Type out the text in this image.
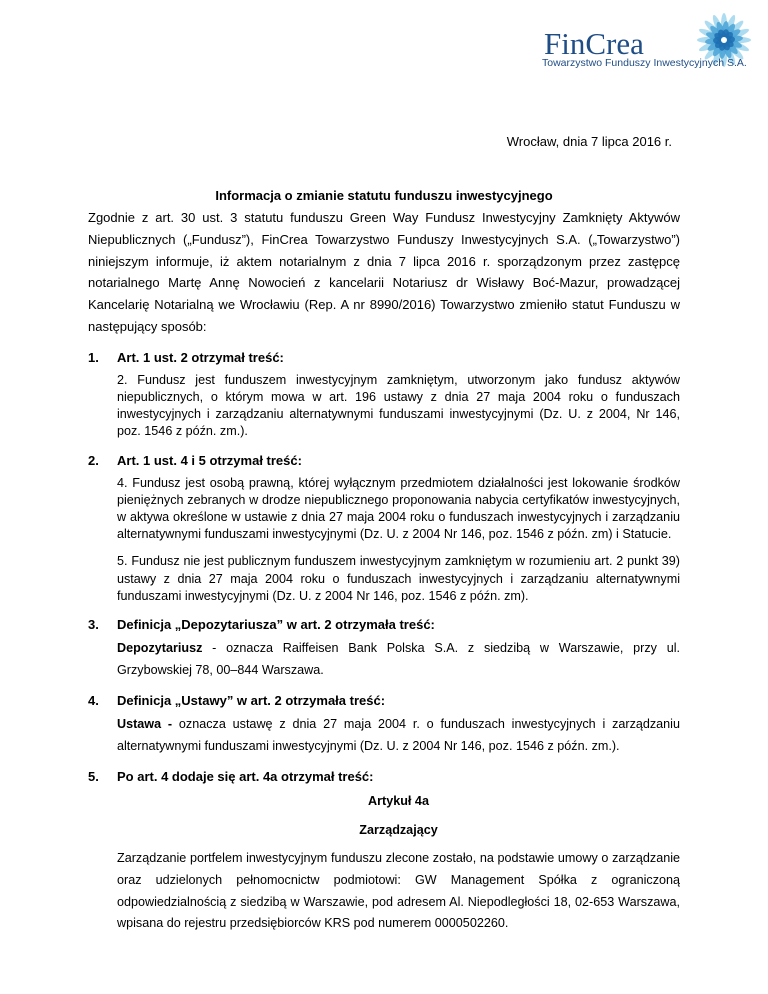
FinCrea
Towarzystwo Funduszy Inwestycyjnych S.A.
Wrocław, dnia 7 lipca 2016 r.
Informacja o zmianie statutu funduszu inwestycyjnego

Zgodnie z art. 30 ust. 3 statutu funduszu Green Way Fundusz Inwestycyjny Zamknięty Aktywów Niepublicznych („Fundusz”), FinCrea Towarzystwo Funduszy Inwestycyjnych S.A. („Towarzystwo”) niniejszym informuje, iż aktem notarialnym z dnia 7 lipca 2016 r. sporządzonym przez zastępcę notarialnego Martę Annę Nowocień z kancelarii Notariusz dr Wisławy Boć-Mazur, prowadzącej Kancelarię Notarialną we Wrocławiu (Rep. A nr 8990/2016) Towarzystwo zmieniło statut Funduszu w następujący sposób:

1.	Art. 1 ust. 2 otrzymał treść:

2. Fundusz jest funduszem inwestycyjnym zamkniętym, utworzonym jako fundusz aktywów niepublicznych, o którym mowa w art. 196 ustawy z dnia 27 maja 2004 roku o funduszach inwestycyjnych i zarządzaniu alternatywnymi funduszami inwestycyjnymi (Dz. U. z 2004, Nr 146, poz. 1546 z późn. zm.).

2.	Art. 1 ust. 4 i 5 otrzymał treść:

4. Fundusz jest osobą prawną, której wyłącznym przedmiotem działalności jest lokowanie środków pieniężnych zebranych w drodze niepublicznego proponowania nabycia certyfikatów inwestycyjnych, w aktywa określone w ustawie z dnia 27 maja 2004 roku o funduszach inwestycyjnych i zarządzaniu alternatywnymi funduszami inwestycyjnymi (Dz. U. z 2004 Nr 146, poz. 1546 z późn. zm) i Statucie.

5. Fundusz nie jest publicznym funduszem inwestycyjnym zamkniętym w rozumieniu art. 2 punkt 39) ustawy z dnia 27 maja 2004 roku o funduszach inwestycyjnych i zarządzaniu alternatywnymi funduszami inwestycyjnymi (Dz. U. z 2004 Nr 146, poz. 1546 z późn. zm).

3.	Definicja „Depozytariusza” w art. 2 otrzymała treść:

Depozytariusz - oznacza Raiffeisen Bank Polska S.A. z siedzibą w Warszawie, przy ul. Grzybowskiej 78, 00–844 Warszawa.

4.	Definicja „Ustawy” w art. 2 otrzymała treść:

Ustawa - oznacza ustawę z dnia 27 maja 2004 r. o funduszach inwestycyjnych i zarządzaniu alternatywnymi funduszami inwestycyjnymi (Dz. U. z 2004 Nr 146, poz. 1546 z późn. zm.).

5.	Po art. 4 dodaje się art. 4a otrzymał treść:
Artykuł 4a
Zarządzający
Zarządzanie portfelem inwestycyjnym funduszu zlecone zostało, na podstawie umowy o zarządzanie oraz udzielonych pełnomocnictw podmiotowi: GW Management Spółka z ograniczoną odpowiedzialnością z siedzibą w Warszawie, pod adresem Al. Niepodległości 18, 02-653 Warszawa, wpisana do rejestru przedsiębiorców KRS pod numerem 0000502260.
